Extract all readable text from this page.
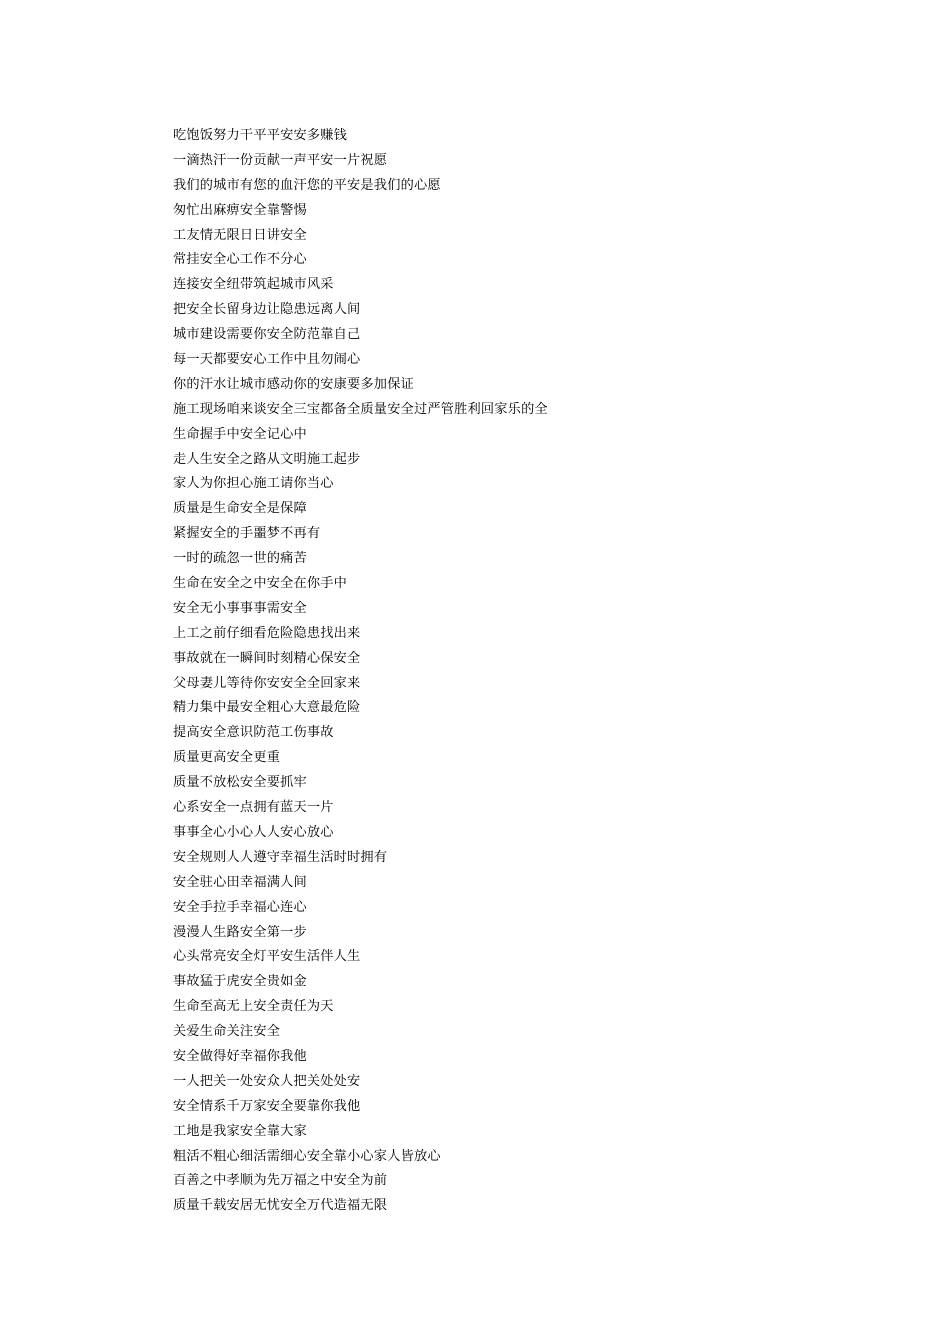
吃饱饭努力干平平安安多赚钱
一滴热汗一份贡献一声平安一片祝愿
我们的城市有您的血汗您的平安是我们的心愿
匆忙出麻痹安全靠警惕
工友情无限日日讲安全
常挂安全心工作不分心
连接安全纽带筑起城市风采
把安全长留身边让隐患远离人间
城市建设需要你安全防范靠自己
每一天都要安心工作中且勿闹心
你的汗水让城市感动你的安康要多加保证
施工现场咱来谈安全三宝都备全质量安全过严管胜利回家乐的全
生命握手中安全记心中
走人生安全之路从文明施工起步
家人为你担心施工请你当心
质量是生命安全是保障
紧握安全的手噩梦不再有
一时的疏忽一世的痛苦
生命在安全之中安全在你手中
安全无小事事事需安全
上工之前仔细看危险隐患找出来
事故就在一瞬间时刻精心保安全
父母妻儿等待你安安全全回家来
精力集中最安全粗心大意最危险
提高安全意识防范工伤事故
质量更高安全更重
质量不放松安全要抓牢
心系安全一点拥有蓝天一片
事事全心小心人人安心放心
安全规则人人遵守幸福生活时时拥有
安全驻心田幸福满人间
安全手拉手幸福心连心
漫漫人生路安全第一步
心头常亮安全灯平安生活伴人生
事故猛于虎安全贵如金
生命至高无上安全责任为天
关爱生命关注安全
安全做得好幸福你我他
一人把关一处安众人把关处处安
安全情系千万家安全要靠你我他
工地是我家安全靠大家
粗活不粗心细活需细心安全靠小心家人皆放心
百善之中孝顺为先万福之中安全为前
质量千载安居无忧安全万代造福无限
